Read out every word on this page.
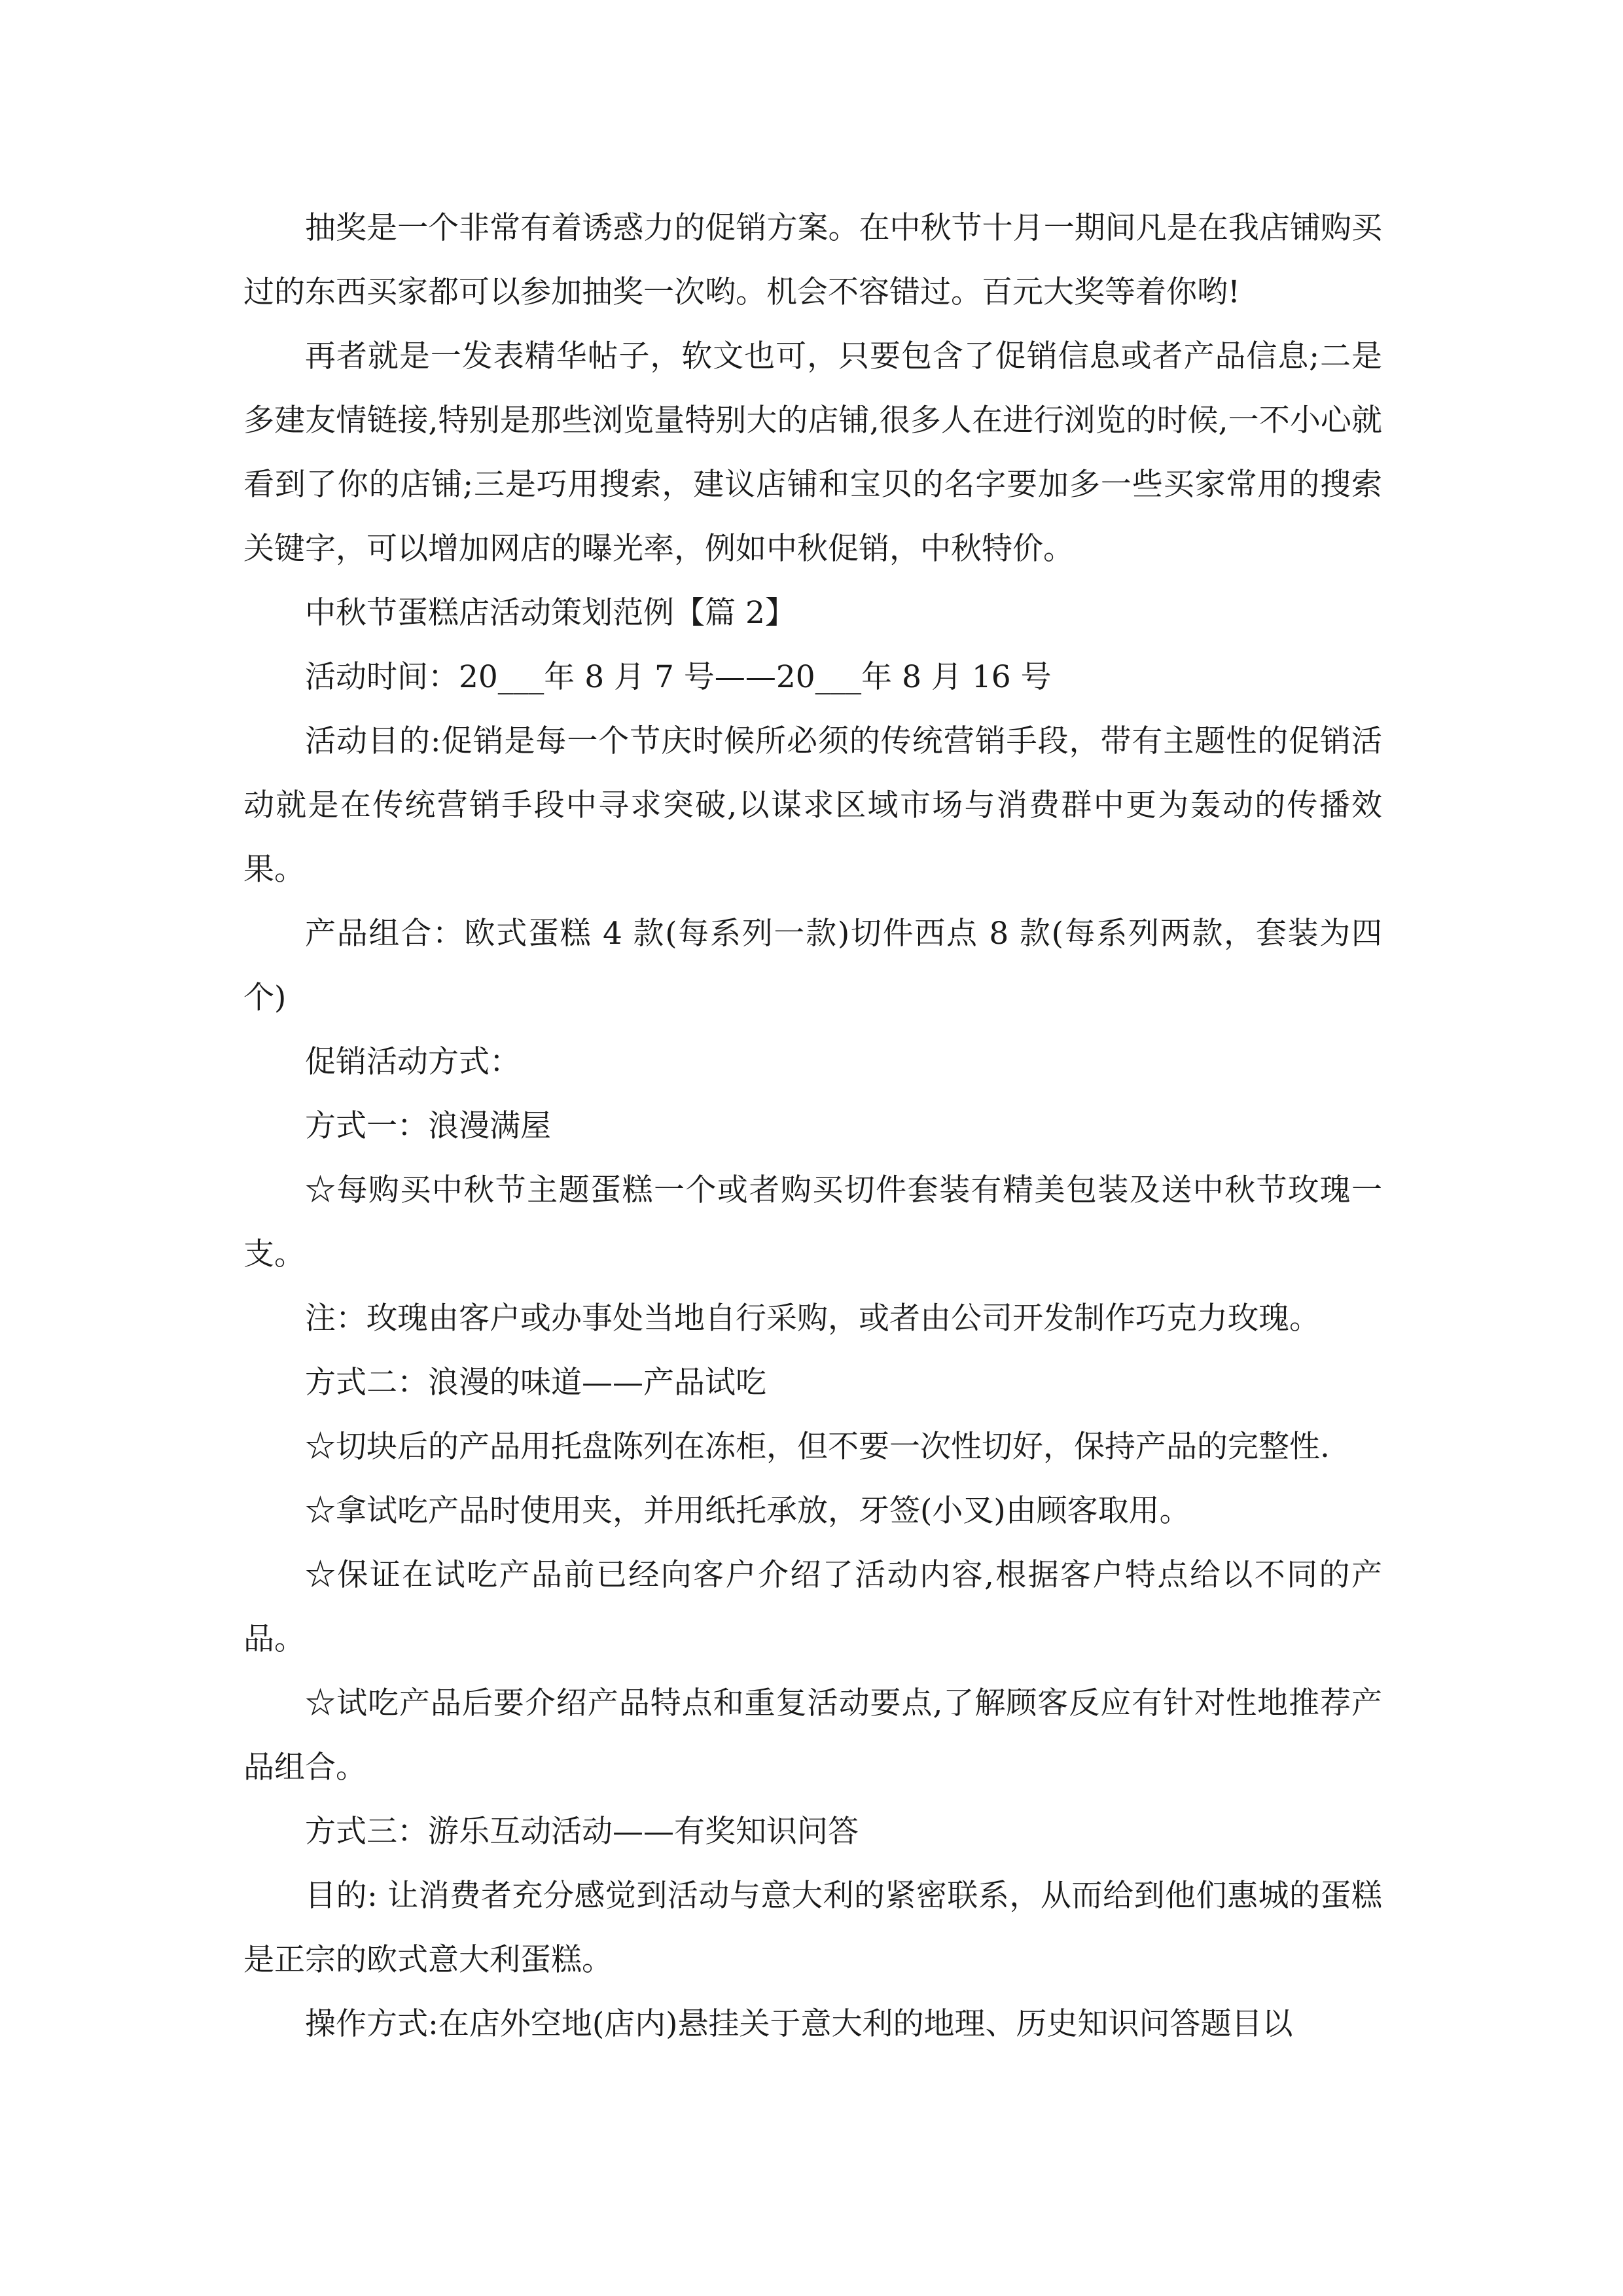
抽奖是一个非常有着诱惑力的促销方案。在中秋节十月一期间凡是在我店铺购买过的东西买家都可以参加抽奖一次哟。机会不容错过。百元大奖等着你哟!

再者就是一发表精华帖子，软文也可，只要包含了促销信息或者产品信息;二是多建友情链接,特别是那些浏览量特别大的店铺,很多人在进行浏览的时候,一不小心就看到了你的店铺;三是巧用搜索，建议店铺和宝贝的名字要加多一些买家常用的搜索关键字，可以增加网店的曝光率，例如中秋促销，中秋特价。

中秋节蛋糕店活动策划范例【篇 2】

活动时间：20___年 8 月 7 号——20___年 8 月 16 号

活动目的:促销是每一个节庆时候所必须的传统营销手段，带有主题性的促销活动就是在传统营销手段中寻求突破,以谋求区域市场与消费群中更为轰动的传播效果。

产品组合：欧式蛋糕 4 款(每系列一款)切件西点 8 款(每系列两款，套装为四个)

促销活动方式：

方式一：浪漫满屋

☆每购买中秋节主题蛋糕一个或者购买切件套装有精美包装及送中秋节玫瑰一支。

注：玫瑰由客户或办事处当地自行采购，或者由公司开发制作巧克力玫瑰。

方式二：浪漫的味道——产品试吃

☆切块后的产品用托盘陈列在冻柜，但不要一次性切好，保持产品的完整性.

☆拿试吃产品时使用夹，并用纸托承放，牙签(小叉)由顾客取用。

☆保证在试吃产品前已经向客户介绍了活动内容,根据客户特点给以不同的产品。

☆试吃产品后要介绍产品特点和重复活动要点,了解顾客反应有针对性地推荐产品组合。

方式三：游乐互动活动——有奖知识问答

目的: 让消费者充分感觉到活动与意大利的紧密联系，从而给到他们惠城的蛋糕是正宗的欧式意大利蛋糕。

操作方式:在店外空地(店内)悬挂关于意大利的地理、历史知识问答题目以
